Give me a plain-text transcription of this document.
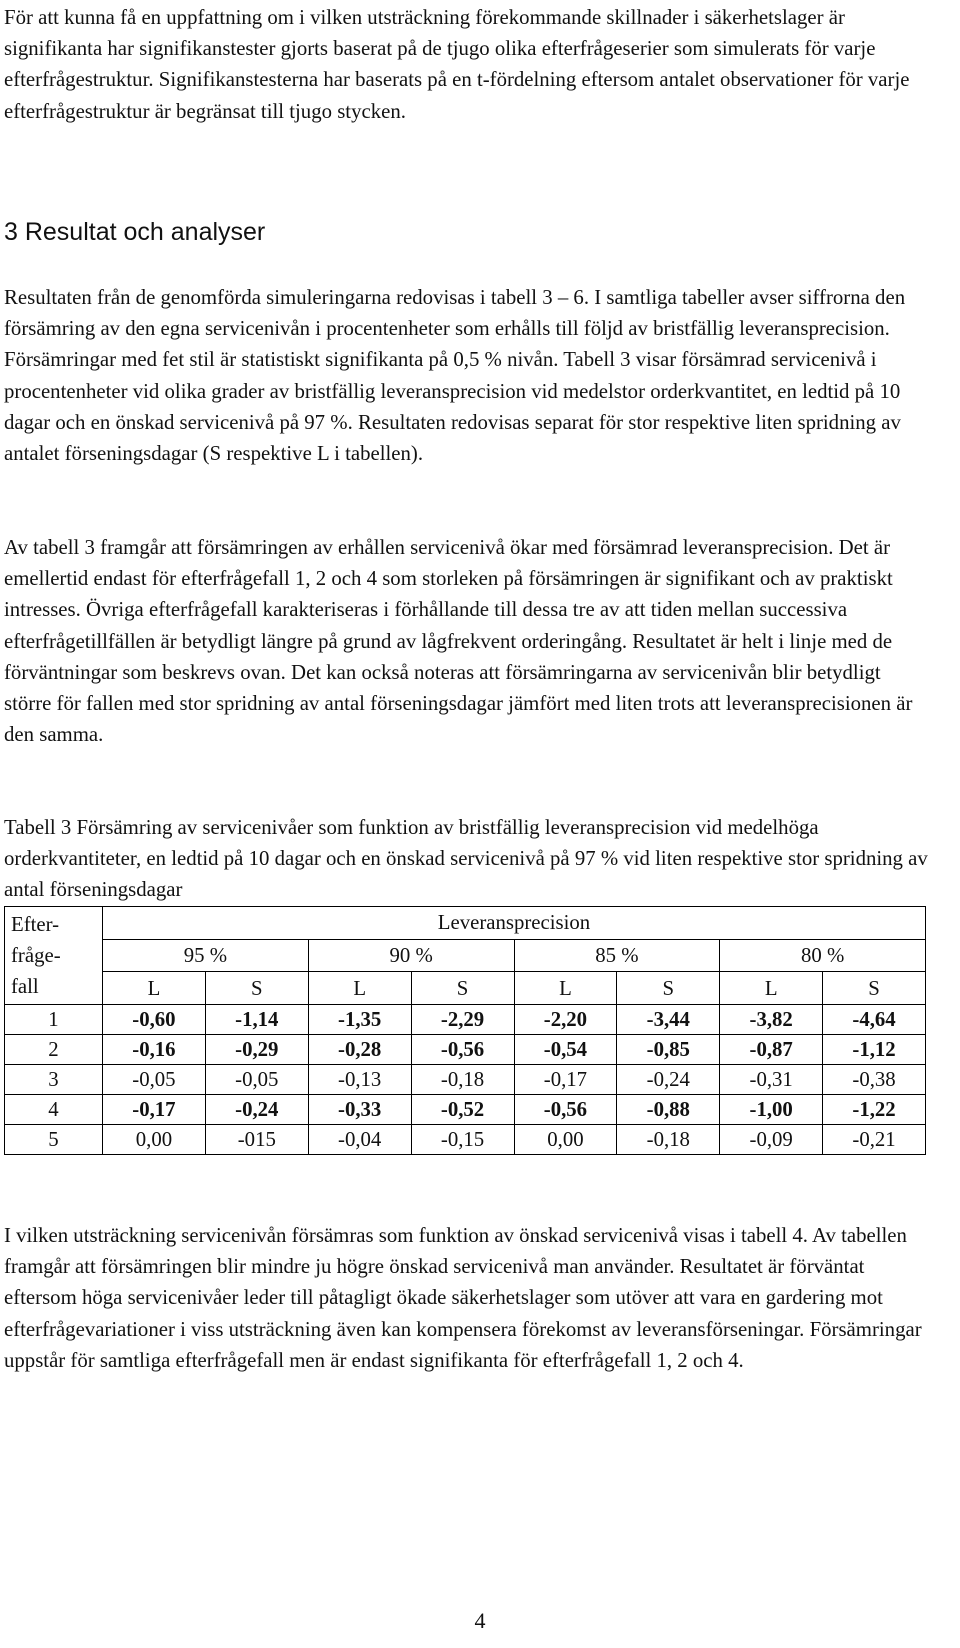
För att kunna få en uppfattning om i vilken utsträckning förekommande skillnader i säkerhetslager är signifikanta har signifikanstester gjorts baserat på de tjugo olika efterfrågeserier som simulerats för varje efterfrågestruktur. Signifikanstesterna har baserats på en t-fördelning eftersom antalet observationer för varje efterfrågestruktur är begränsat till tjugo stycken.

3 Resultat och analyser

Resultaten från de genomförda simuleringarna redovisas i tabell 3 – 6. I samtliga tabeller avser siffrorna den försämring av den egna servicenivån i procentenheter som erhålls till följd av bristfällig leveransprecision. Försämringar med fet stil är statistiskt signifikanta på 0,5 % nivån. Tabell 3 visar försämrad servicenivå i procentenheter vid olika grader av bristfällig leveransprecision vid medelstor orderkvantitet, en ledtid på 10 dagar och en önskad servicenivå på 97 %. Resultaten redovisas separat för stor respektive liten spridning av antalet förseningsdagar (S respektive L i tabellen).

Av tabell 3 framgår att försämringen av erhållen servicenivå ökar med försämrad leveransprecision. Det är emellertid endast för efterfrågefall 1, 2 och 4 som storleken på försämringen är signifikant och av praktiskt intresses. Övriga efterfrågefall karakteriseras i förhållande till dessa tre av att tiden mellan successiva efterfrågetillfällen är betydligt längre på grund av lågfrekvent orderingång. Resultatet är helt i linje med de förväntningar som beskrevs ovan. Det kan också noteras att försämringarna av servicenivån blir betydligt större för fallen med stor spridning av antal förseningsdagar jämfört med liten trots att leveransprecisionen är den samma.

Tabell 3 Försämring av servicenivåer som funktion av bristfällig leveransprecision vid medelhöga orderkvantiteter, en ledtid på 10 dagar och en önskad servicenivå på 97 % vid liten respektive stor spridning av antal förseningsdagar

Efter-
fråge-
fall	Leveransprecision							
	95 %		90 %		85 %		80 %	
	L	S	L	S	L	S	L	S
1	-0,60	-1,14	-1,35	-2,29	-2,20	-3,44	-3,82	-4,64
2	-0,16	-0,29	-0,28	-0,56	-0,54	-0,85	-0,87	-1,12
3	-0,05	-0,05	-0,13	-0,18	-0,17	-0,24	-0,31	-0,38
4	-0,17	-0,24	-0,33	-0,52	-0,56	-0,88	-1,00	-1,22
5	0,00	-015	-0,04	-0,15	0,00	-0,18	-0,09	-0,21

I vilken utsträckning servicenivån försämras som funktion av önskad servicenivå visas i tabell 4. Av tabellen framgår att försämringen blir mindre ju högre önskad servicenivå man använder. Resultatet är förväntat eftersom höga servicenivåer leder till påtagligt ökade säkerhetslager som utöver att vara en gardering mot efterfrågevariationer i viss utsträckning även kan kompensera förekomst av leveransförseningar. Försämringar uppstår för samtliga efterfrågefall men är endast signifikanta för efterfrågefall 1, 2 och 4.

4
